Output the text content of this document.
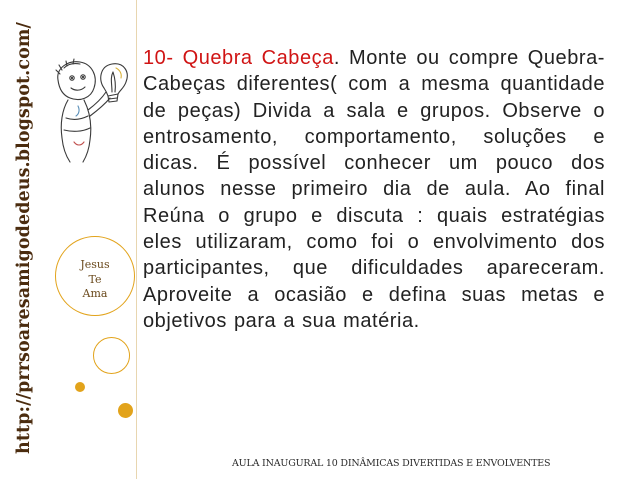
http://prrsoaresamigodedeus.blogspot.com/	Jesus
Te
Ama
10- Quebra Cabeça. Monte ou compre Quebra-Cabeças diferentes( com a mesma quantidade de peças) Divida a sala e grupos. Observe o entrosamento, comportamento, soluções e dicas. É possível conhecer um pouco dos alunos nesse primeiro dia de aula. Ao final Reúna o grupo e discuta : quais estratégias eles utilizaram, como foi o envolvimento dos participantes, que dificuldades apareceram. Aproveite a ocasião e defina suas metas e objetivos para a sua matéria.
AULA INAUGURAL 10 DINÂMICAS DIVERTIDAS E ENVOLVENTES
